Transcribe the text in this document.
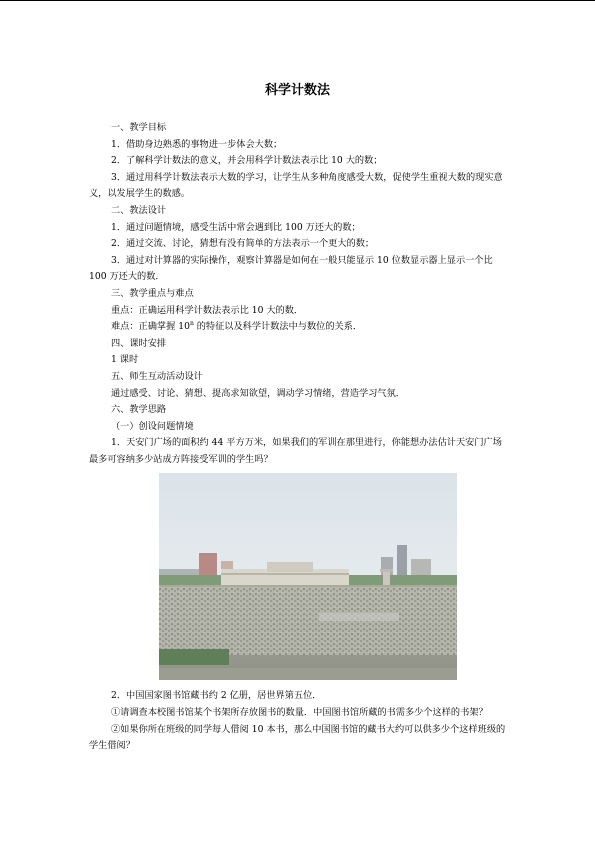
科学计数法

一、教学目标

1．借助身边熟悉的事物进一步体会大数；

2．了解科学计数法的意义，并会用科学计数法表示比 10 大的数；

3．通过用科学计数法表示大数的学习，让学生从多种角度感受大数，促使学生重视大数的现实意义，以发展学生的数感。

二、教法设计

1．通过问题情境，感受生活中常会遇到比 100 万还大的数；

2．通过交流、讨论，猜想有没有简单的方法表示一个更大的数；

3．通过对计算器的实际操作，观察计算器是如何在一般只能显示 10 位数显示器上显示一个比 100 万还大的数．

三、教学重点与难点

重点：正确运用科学计数法表示比 10 大的数．

难点：正确掌握 10$^n$ 的特征以及科学计数法中与数位的关系．

四、课时安排

1 课时

五、师生互动活动设计

通过感受、讨论、猜想、提高求知欲望，调动学习情绪，营造学习气氛．

六、教学思路

（一）创设问题情境

1．天安门广场的面积约 44 平方万米，如果我们的军训在那里进行，你能想办法估计天安门广场最多可容纳多少站成方阵接受军训的学生吗？

2．中国国家图书馆藏书约 2 亿册，居世界第五位．

①请调查本校图书馆某个书架所存放图书的数量．中国图书馆所藏的书需多少个这样的书架？

②如果你所在班级的同学每人借阅 10 本书，那么中国图书馆的藏书大约可以供多少个这样班级的学生借阅？
